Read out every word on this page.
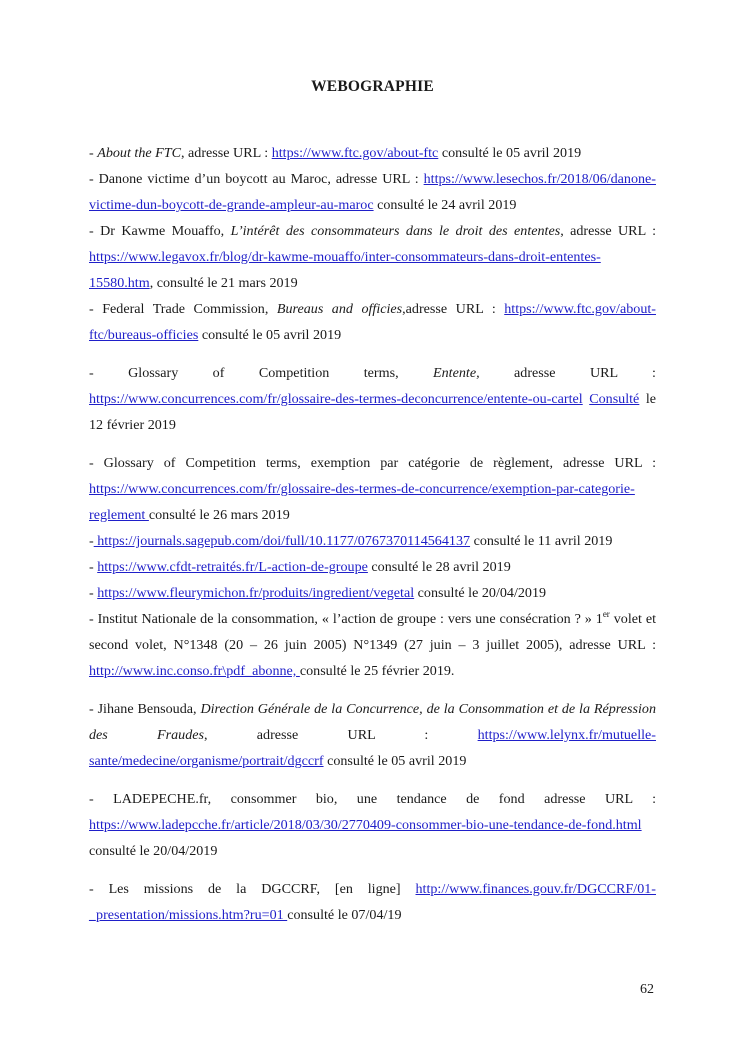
WEBOGRAPHIE

- About the FTC, adresse URL : https://www.ftc.gov/about-ftc consulté le 05 avril 2019

- Danone victime d’un boycott au Maroc, adresse URL : https://www.lesechos.fr/2018/06/danone-victime-dun-boycott-de-grande-ampleur-au-maroc consulté le 24 avril 2019

- Dr Kawme Mouaffo, L’intérêt des consommateurs dans le droit des ententes, adresse URL : https://www.legavox.fr/blog/dr-kawme-mouaffo/inter-consommateurs-dans-droit-ententes-15580.htm, consulté le 21 mars 2019

- Federal Trade Commission, Bureaus and officies,adresse URL : https://www.ftc.gov/about-ftc/bureaus-officies consulté le 05 avril 2019

- Glossary of Competition terms, Entente, adresse URL : https://www.concurrences.com/fr/glossaire-des-termes-deconcurrence/entente-ou-cartel Consulté le 12 février 2019

- Glossary of Competition terms, exemption par catégorie de règlement, adresse URL : https://www.concurrences.com/fr/glossaire-des-termes-de-concurrence/exemption-par-categorie-reglement consulté le 26 mars 2019

- https://journals.sagepub.com/doi/full/10.1177/0767370114564137 consulté le 11 avril 2019

- https://www.cfdt-retraités.fr/L-action-de-groupe consulté le 28 avril 2019

- https://www.fleurymichon.fr/produits/ingredient/vegetal consulté le 20/04/2019

- Institut Nationale de la consommation, « l’action de groupe : vers une consécration ? » 1er volet et second volet, N°1348 (20 – 26 juin 2005) N°1349 (27 juin – 3 juillet 2005), adresse URL : http://www.inc.conso.fr\pdf_abonne, consulté le 25 février 2019.

- Jihane Bensouda, Direction Générale de la Concurrence, de la Consommation et de la Répression des Fraudes, adresse URL : https://www.lelynx.fr/mutuelle-sante/medecine/organisme/portrait/dgccrf consulté le 05 avril 2019

- LADEPECHE.fr, consommer bio, une tendance de fond adresse URL : https://www.ladepcche.fr/article/2018/03/30/2770409-consommer-bio-une-tendance-de-fond.html consulté le 20/04/2019

- Les missions de la DGCCRF, [en ligne] http://www.finances.gouv.fr/DGCCRF/01-_presentation/missions.htm?ru=01 consulté le 07/04/19

62
